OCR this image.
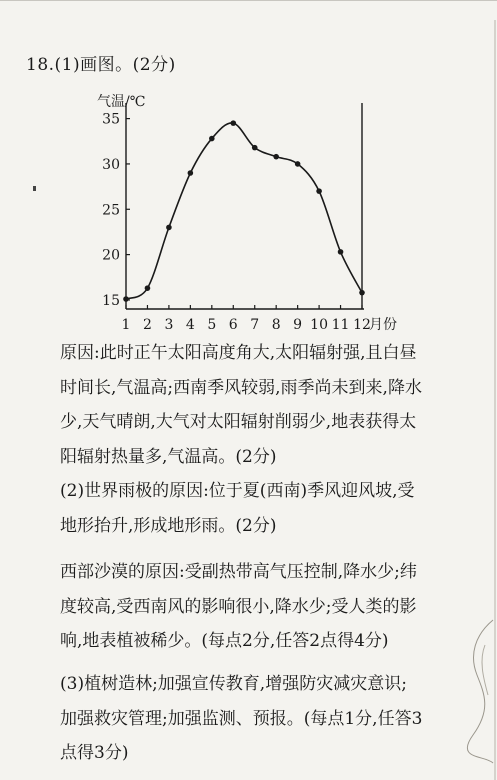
18.(1)画图。(2分)
气温/℃
15
20
25
30
35
1 2 3 4 5 6 7 8 9 10 11 12
月份
原因:此时正午太阳高度角大,太阳辐射强,且白昼
时间长,气温高;西南季风较弱,雨季尚未到来,降水
少,天气晴朗,大气对太阳辐射削弱少,地表获得太
阳辐射热量多,气温高。(2分)
(2)世界雨极的原因:位于夏(西南)季风迎风坡,受
地形抬升,形成地形雨。(2分)
西部沙漠的原因:受副热带高气压控制,降水少;纬
度较高,受西南风的影响很小,降水少;受人类的影
响,地表植被稀少。(每点2分,任答2点得4分)
(3)植树造林;加强宣传教育,增强防灾减灾意识;
加强救灾管理;加强监测、预报。(每点1分,任答3
点得3分)
